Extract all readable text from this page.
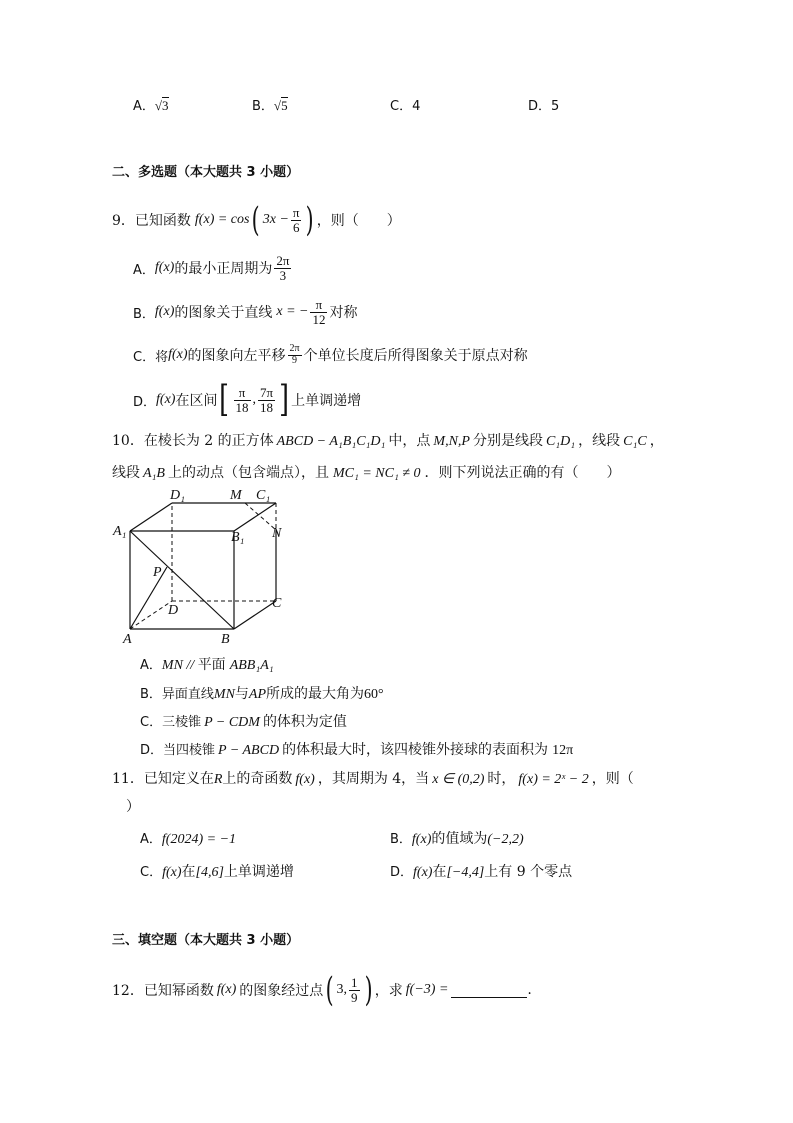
A．√3	B．√5	C．4	D．5
二、多选题（本大题共 3 小题）
9．已知函数 f(x) = cos ( $3x - \frac{\pi}{6}$ ) ，则（　　）
A． f(x) 的最小正周期为 $\frac{2\pi}{3}$
B． f(x) 的图象关于直线 x = − $\frac{\pi}{12}$ 对称
C．将 f(x) 的图象向左平移 $\frac{2\pi}{9}$ 个单位长度后所得图象关于原点对称
D． f(x) 在区间 [ $\frac{\pi}{18}$ , $\frac{7\pi}{18}$ ] 上单调递增
10．在棱长为 2 的正方体 ABCD − A₁B₁C₁D₁ 中，点 M,N,P 分别是线段 C₁D₁ ，线段 C₁C ，
线段 A₁B 上的动点（包含端点），且 MC₁ = NC₁ ≠ 0 ．则下列说法正确的有（　　）
D₁	M C₁
A₁	B₁ N
P
D	C
A	B
A．MN // 平面 ABB₁A₁
B．异面直线MN与AP所成的最大角为60°
C．三棱锥 P − CDM 的体积为定值
D．当四棱锥 P − ABCD 的体积最大时，该四棱锥外接球的表面积为 12π
11．已知定义在R上的奇函数 f(x) ，其周期为 4，当 x ∈ (0,2) 时， f(x) = 2ˣ − 2 ，则（
）
A．f(2024) = −1	B．f(x)的值域为(−2,2)
C．f(x)在[4,6]上单调递增	D．f(x)在[−4,4]上有 9 个零点
三、填空题（本大题共 3 小题）
12．已知幂函数 f(x) 的图象经过点 ( 3, $\frac{1}{9}$ ) ，求 f(−3) =	.
